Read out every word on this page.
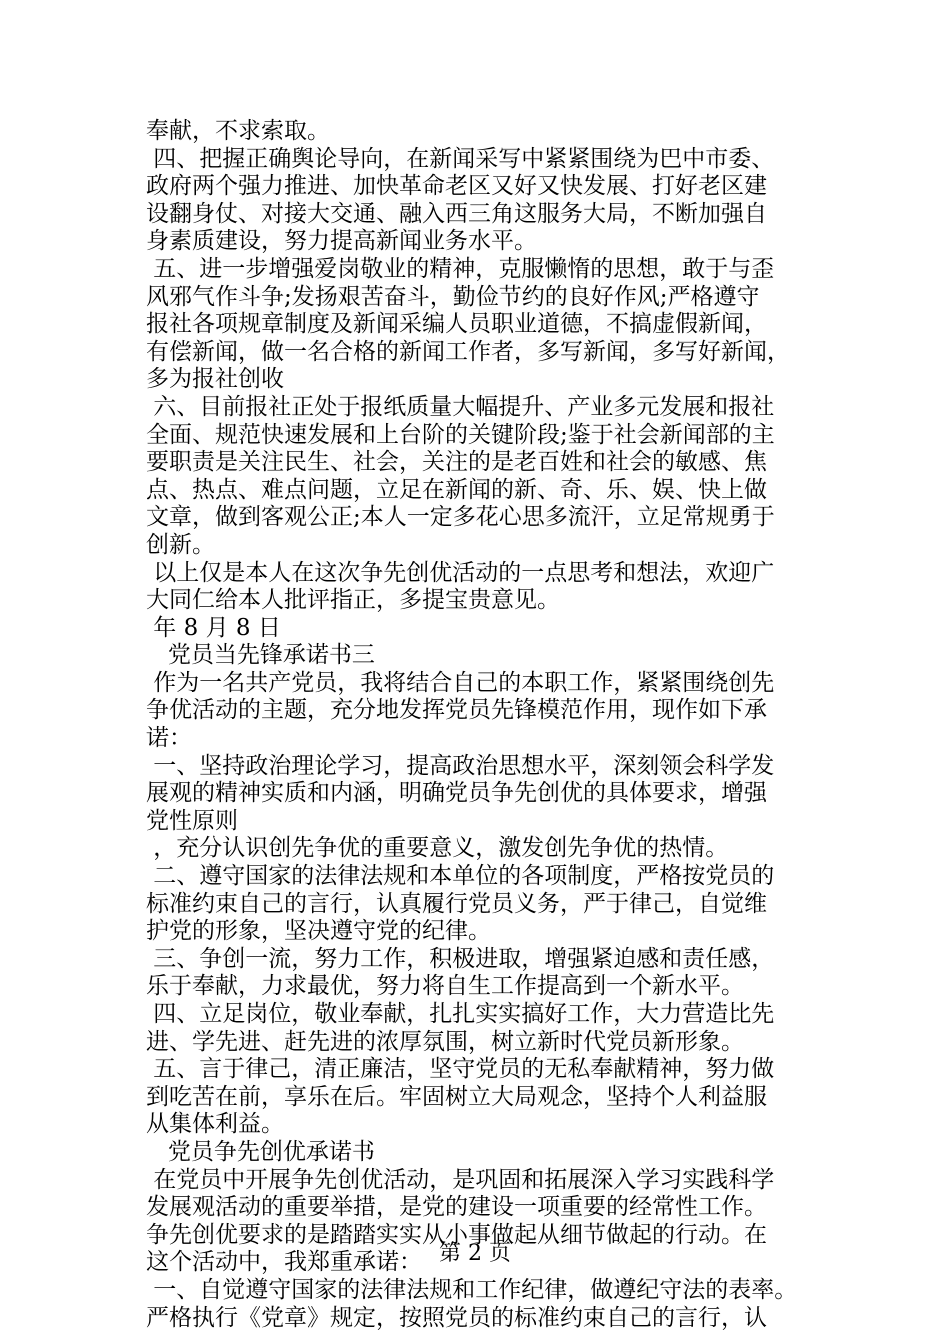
奉献，不求索取。
四、把握正确舆论导向，在新闻采写中紧紧围绕为巴中市委、
政府两个强力推进、加快革命老区又好又快发展、打好老区建
设翻身仗、对接大交通、融入西三角这服务大局，不断加强自
身素质建设，努力提高新闻业务水平。
五、进一步增强爱岗敬业的精神，克服懒惰的思想，敢于与歪
风邪气作斗争;发扬艰苦奋斗，勤俭节约的良好作风;严格遵守
报社各项规章制度及新闻采编人员职业道德，不搞虚假新闻，
有偿新闻，做一名合格的新闻工作者，多写新闻，多写好新闻，
多为报社创收
六、目前报社正处于报纸质量大幅提升、产业多元发展和报社
全面、规范快速发展和上台阶的关键阶段;鉴于社会新闻部的主
要职责是关注民生、社会，关注的是老百姓和社会的敏感、焦
点、热点、难点问题，立足在新闻的新、奇、乐、娱、快上做
文章，做到客观公正;本人一定多花心思多流汗，立足常规勇于
创新。
以上仅是本人在这次争先创优活动的一点思考和想法，欢迎广
大同仁给本人批评指正，多提宝贵意见。
年 8 月 8 日
党员当先锋承诺书三
作为一名共产党员，我将结合自己的本职工作，紧紧围绕创先
争优活动的主题，充分地发挥党员先锋模范作用，现作如下承
诺：
一、坚持政治理论学习，提高政治思想水平，深刻领会科学发
展观的精神实质和内涵，明确党员争先创优的具体要求，增强
党性原则
，充分认识创先争优的重要意义，激发创先争优的热情。
二、遵守国家的法律法规和本单位的各项制度，严格按党员的
标准约束自己的言行，认真履行党员义务，严于律己，自觉维
护党的形象，坚决遵守党的纪律。
三、争创一流，努力工作，积极进取，增强紧迫感和责任感，
乐于奉献，力求最优，努力将自生工作提高到一个新水平。
四、立足岗位，敬业奉献，扎扎实实搞好工作，大力营造比先
进、学先进、赶先进的浓厚氛围，树立新时代党员新形象。
五、言于律己，清正廉洁，坚守党员的无私奉献精神，努力做
到吃苦在前，享乐在后。牢固树立大局观念，坚持个人利益服
从集体利益。
党员争先创优承诺书
在党员中开展争先创优活动，是巩固和拓展深入学习实践科学
发展观活动的重要举措，是党的建设一项重要的经常性工作。
争先创优要求的是踏踏实实从小事做起从细节做起的行动。在
这个活动中，我郑重承诺：
一、自觉遵守国家的法律法规和工作纪律，做遵纪守法的表率。
严格执行《党章》规定，按照党员的标准约束自己的言行，认
第 2 页
